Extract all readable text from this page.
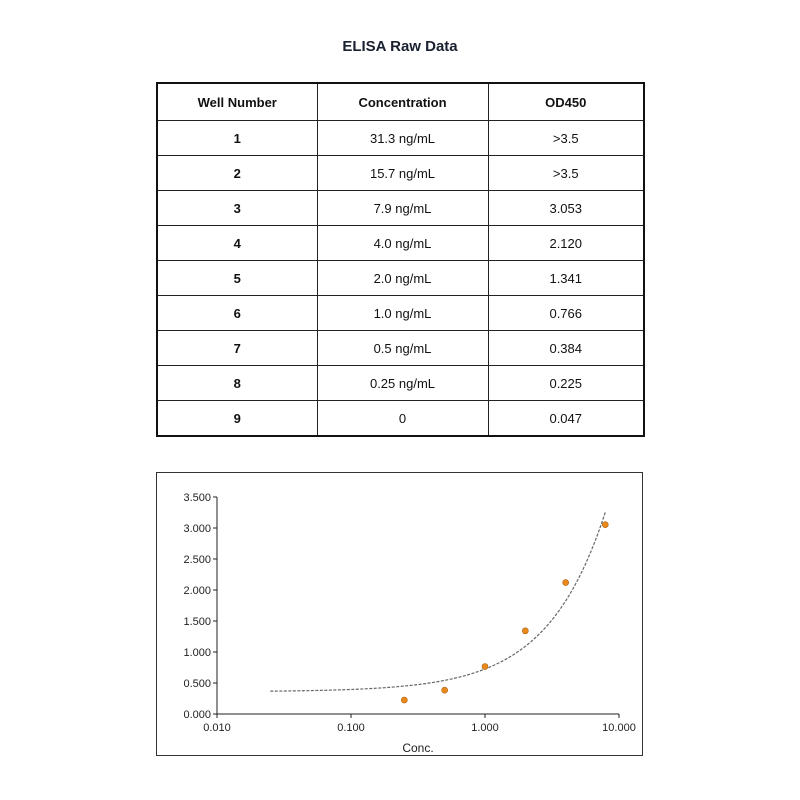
ELISA Raw Data
Well Number	Concentration	OD450
1	31.3 ng/mL	>3.5
2	15.7 ng/mL	>3.5
3	7.9 ng/mL	3.053
4	4.0 ng/mL	2.120
5	2.0 ng/mL	1.341
6	1.0 ng/mL	0.766
7	0.5 ng/mL	0.384
8	0.25 ng/mL	0.225
9	0	0.047
0.000
0.500
1.000
1.500
2.000
2.500
3.000
3.500
0.010	0.100	1.000	10.000
Conc.
